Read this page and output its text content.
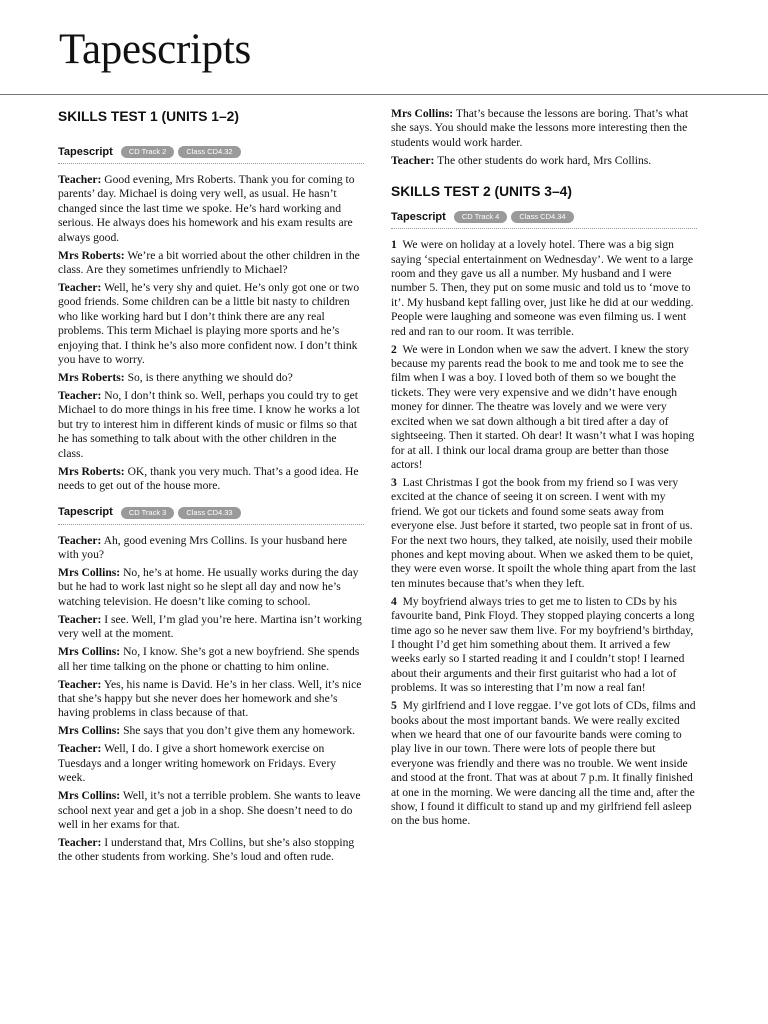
Tapescripts
SKILLS TEST 1 (UNITS 1–2)
Tapescript	CD Track 2	Class CD4.32

Teacher: Good evening, Mrs Roberts. Thank you for coming to parents’ day. Michael is doing very well, as usual. He hasn’t changed since the last time we spoke. He’s hard working and serious. He always does his homework and his exam results are always good.

Mrs Roberts: We’re a bit worried about the other children in the class. Are they sometimes unfriendly to Michael?

Teacher: Well, he’s very shy and quiet. He’s only got one or two good friends. Some children can be a little bit nasty to children who like working hard but I don’t think there are any real problems. This term Michael is playing more sports and he’s enjoying that. I think he’s also more confident now. I don’t think you have to worry.

Mrs Roberts: So, is there anything we should do?

Teacher: No, I don’t think so. Well, perhaps you could try to get Michael to do more things in his free time. I know he works a lot but try to interest him in different kinds of music or films so that he has something to talk about with the other children in the class.

Mrs Roberts: OK, thank you very much. That’s a good idea. He needs to get out of the house more.

Tapescript	CD Track 3	Class CD4.33

Teacher: Ah, good evening Mrs Collins. Is your husband here with you?

Mrs Collins: No, he’s at home. He usually works during the day but he had to work last night so he slept all day and now he’s watching television. He doesn’t like coming to school.

Teacher: I see. Well, I’m glad you’re here. Martina isn’t working very well at the moment.

Mrs Collins: No, I know. She’s got a new boyfriend. She spends all her time talking on the phone or chatting to him online.

Teacher: Yes, his name is David. He’s in her class. Well, it’s nice that she’s happy but she never does her homework and she’s having problems in class because of that.

Mrs Collins: She says that you don’t give them any homework.

Teacher: Well, I do. I give a short homework exercise on Tuesdays and a longer writing homework on Fridays. Every week.

Mrs Collins: Well, it’s not a terrible problem. She wants to leave school next year and get a job in a shop. She doesn’t need to do well in her exams for that.

Teacher: I understand that, Mrs Collins, but she’s also stopping the other students from working. She’s loud and often rude.

Mrs Collins: That’s because the lessons are boring. That’s what she says. You should make the lessons more interesting then the students would work harder.

Teacher: The other students do work hard, Mrs Collins.

SKILLS TEST 2 (UNITS 3–4)
Tapescript	CD Track 4	Class CD4.34

1 We were on holiday at a lovely hotel. There was a big sign saying ‘special entertainment on Wednesday’. We went to a large room and they gave us all a number. My husband and I were number 5. Then, they put on some music and told us to ‘move to it’. My husband kept falling over, just like he did at our wedding. People were laughing and someone was even filming us. I went red and ran to our room. It was terrible.

2 We were in London when we saw the advert. I knew the story because my parents read the book to me and took me to see the film when I was a boy. I loved both of them so we bought the tickets. They were very expensive and we didn’t have enough money for dinner. The theatre was lovely and we were very excited when we sat down although a bit tired after a day of sightseeing. Then it started. Oh dear! It wasn’t what I was hoping for at all. I think our local drama group are better than those actors!

3 Last Christmas I got the book from my friend so I was very excited at the chance of seeing it on screen. I went with my friend. We got our tickets and found some seats away from everyone else. Just before it started, two people sat in front of us. For the next two hours, they talked, ate noisily, used their mobile phones and kept moving about. When we asked them to be quiet, they were even worse. It spoilt the whole thing apart from the last ten minutes because that’s when they left.

4 My boyfriend always tries to get me to listen to CDs by his favourite band, Pink Floyd. They stopped playing concerts a long time ago so he never saw them live. For my boyfriend’s birthday, I thought I’d get him something about them. It arrived a few weeks early so I started reading it and I couldn’t stop! I learned about their arguments and their first guitarist who had a lot of problems. It was so interesting that I’m now a real fan!

5 My girlfriend and I love reggae. I’ve got lots of CDs, films and books about the most important bands. We were really excited when we heard that one of our favourite bands were coming to play live in our town. There were lots of people there but everyone was friendly and there was no trouble. We went inside and stood at the front. That was at about 7 p.m. It finally finished at one in the morning. We were dancing all the time and, after the show, I found it difficult to stand up and my girlfriend fell asleep on the bus home.
